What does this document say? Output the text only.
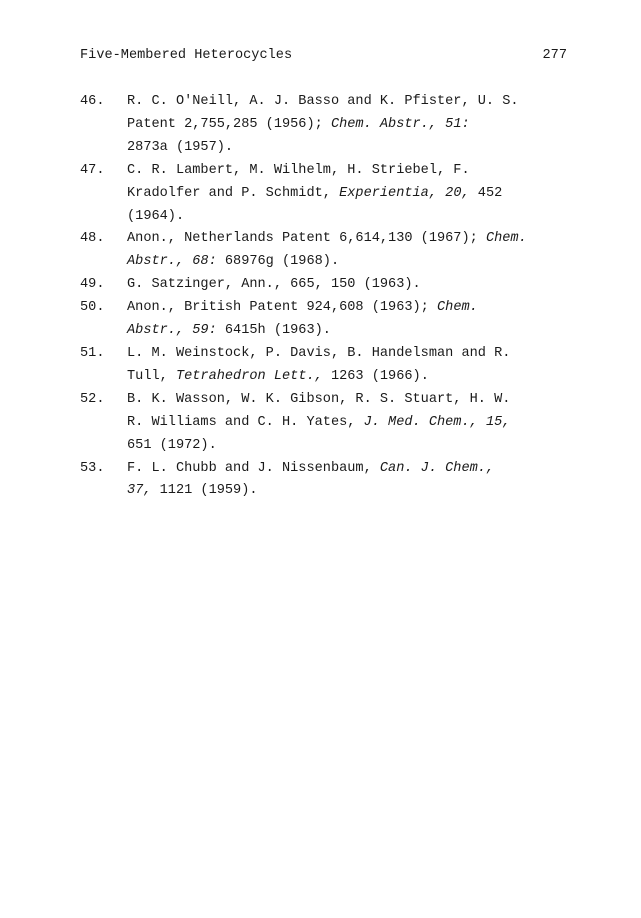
Five-Membered Heterocycles	277
46. R. C. O'Neill, A. J. Basso and K. Pfister, U. S.
Patent 2,755,285 (1956); Chem. Abstr., 51:
2873a (1957).
47. C. R. Lambert, M. Wilhelm, H. Striebel, F.
Kradolfer and P. Schmidt, Experientia, 20, 452
(1964).
48. Anon., Netherlands Patent 6,614,130 (1967); Chem.
Abstr., 68: 68976g (1968).
49. G. Satzinger, Ann., 665, 150 (1963).
50. Anon., British Patent 924,608 (1963); Chem.
Abstr., 59: 6415h (1963).
51. L. M. Weinstock, P. Davis, B. Handelsman and R.
Tull, Tetrahedron Lett., 1263 (1966).
52. B. K. Wasson, W. K. Gibson, R. S. Stuart, H. W.
R. Williams and C. H. Yates, J. Med. Chem., 15,
651 (1972).
53. F. L. Chubb and J. Nissenbaum, Can. J. Chem.,
37, 1121 (1959).
